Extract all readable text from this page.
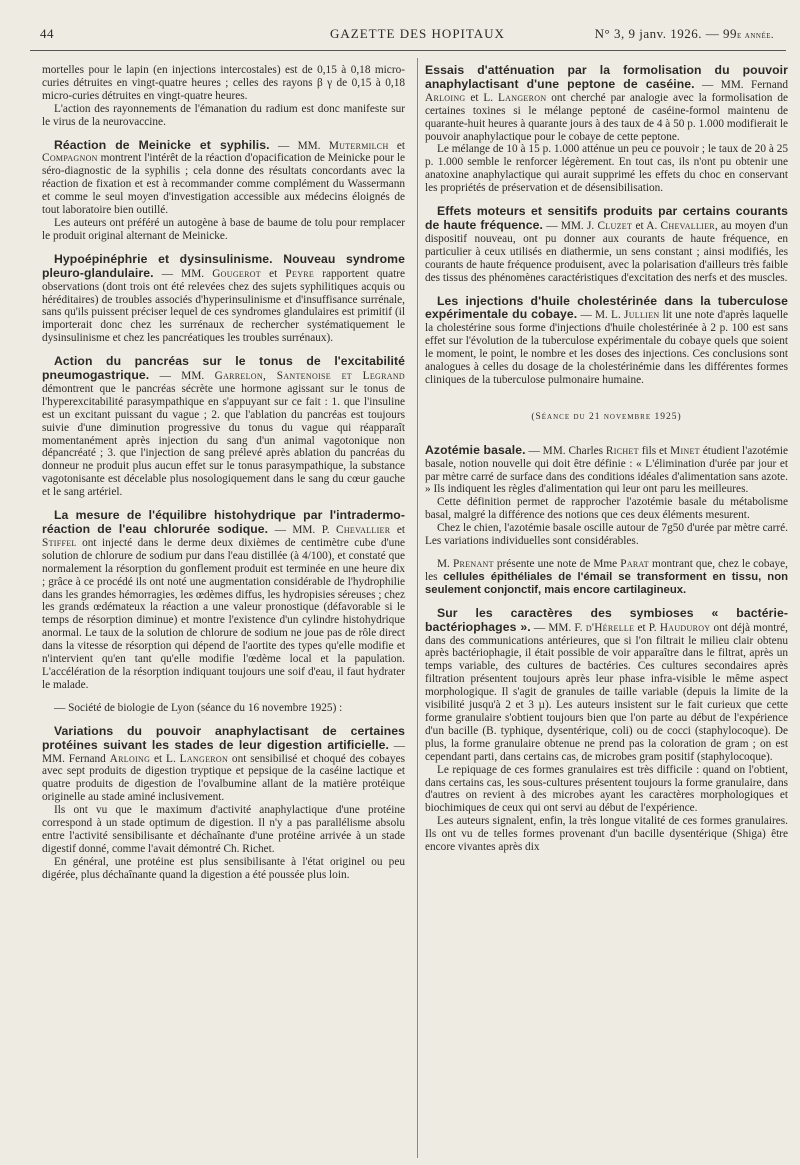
44	GAZETTE DES HOPITAUX	N° 3, 9 janv. 1926. — 99e année.

mortelles pour le lapin (en injections intercostales) est de 0,15 à 0,18 micro-curies détruites en vingt-quatre heures ; celles des rayons β γ de 0,15 à 0,18 micro-curies détruites en vingt-quatre heures.

L'action des rayonnements de l'émanation du radium est donc manifeste sur le virus de la neurovaccine.

Réaction de Meinicke et syphilis. — MM. Mutermilch et Compagnon montrent l'intérêt de la réaction d'opacification de Meinicke pour le séro-diagnostic de la syphilis ; cela donne des résultats concordants avec la réaction de fixation et est à recommander comme complément du Wassermann et comme le seul moyen d'investigation accessible aux médecins éloignés de tout laboratoire bien outillé.

Les auteurs ont préféré un autogène à base de baume de tolu pour remplacer le produit original alternant de Meinicke.

Hypoépinéphrie et dysinsulinisme. Nouveau syndrome pleuro-glandulaire. — MM. Gougerot et Peyre rapportent quatre observations (dont trois ont été relevées chez des sujets syphilitiques acquis ou héréditaires) de troubles associés d'hyperinsulinisme et d'insuffisance surrénale, sans qu'ils puissent préciser lequel de ces syndromes glandulaires est primitif (il importerait donc chez les surrénaux de rechercher systématiquement le dysinsulinisme et chez les pancréatiques les troubles surrénaux).

Action du pancréas sur le tonus de l'excitabilité pneumogastrique. — MM. Garrelon, Santenoise et Legrand démontrent que le pancréas sécrète une hormone agissant sur le tonus de l'hyperexcitabilité parasympathique en s'appuyant sur ce fait : 1. que l'insuline est un excitant puissant du vague ; 2. que l'ablation du pancréas est toujours suivie d'une diminution progressive du tonus du vague qui réapparaît momentanément après injection du sang d'un animal vagotonique non dépancréaté ; 3. que l'injection de sang prélevé après ablation du pancréas du donneur ne produit plus aucun effet sur le tonus parasympathique, la substance vagotonisante est décelable plus nosologiquement dans le sang du cœur gauche et le sang artériel.

La mesure de l'équilibre histohydrique par l'intradermo-réaction de l'eau chlorurée sodique. — MM. P. Chevallier et Stiffel ont injecté dans le derme deux dixièmes de centimètre cube d'une solution de chlorure de sodium pur dans l'eau distillée (à 4/100), et constaté que normalement la résorption du gonflement produit est terminée en une heure dix ; grâce à ce procédé ils ont noté une augmentation considérable de l'hydrophilie dans les grandes hémorragies, les œdèmes diffus, les hydropisies séreuses ; chez les grands œdémateux la réaction a une valeur pronostique (défavorable si le temps de résorption diminue) et montre l'existence d'un cylindre histohydrique anormal. Le taux de la solution de chlorure de sodium ne joue pas de rôle direct dans la vitesse de résorption qui dépend de l'aortite des types qu'elle modifie et n'intervient qu'en tant qu'elle modifie l'œdème local et la papulation. L'accélération de la résorption indiquant toujours une soif d'eau, il faut hydrater le malade.

— Société de biologie de Lyon (séance du 16 novembre 1925) :

Variations du pouvoir anaphylactisant de certaines protéines suivant les stades de leur digestion artificielle. — MM. Fernand Arloing et L. Langeron ont sensibilisé et choqué des cobayes avec sept produits de digestion tryptique et pepsique de la caséine lactique et quatre produits de digestion de l'ovalbumine allant de la matière protéique originelle au stade aminé inclusivement.

Ils ont vu que le maximum d'activité anaphylactique d'une protéine correspond à un stade optimum de digestion. Il n'y a pas parallélisme absolu entre l'activité sensibilisante et déchaînante d'une protéine arrivée à un stade digestif donné, comme l'avait démontré Ch. Richet.

En général, une protéine est plus sensibilisante à l'état originel ou peu digérée, plus déchaînante quand la digestion a été poussée plus loin.

Essais d'atténuation par la formolisation du pouvoir anaphylactisant d'une peptone de caséine. — MM. Fernand Arloing et L. Langeron ont cherché par analogie avec la formolisation de certaines toxines si le mélange peptoné de caséine-formol maintenu de quarante-huit heures à quarante jours à des taux de 4 à 50 p. 1.000 modifierait le pouvoir anaphylactique pour le cobaye de cette peptone.

Le mélange de 10 à 15 p. 1.000 atténue un peu ce pouvoir ; le taux de 20 à 25 p. 1.000 semble le renforcer légèrement. En tout cas, ils n'ont pu obtenir une anatoxine anaphylactique qui aurait supprimé les effets du choc en conservant les propriétés de préservation et de désensibilisation.

Effets moteurs et sensitifs produits par certains courants de haute fréquence. — MM. J. Cluzet et A. Chevallier, au moyen d'un dispositif nouveau, ont pu donner aux courants de haute fréquence, en particulier à ceux utilisés en diathermie, un sens constant ; ainsi modifiés, les courants de haute fréquence produisent, avec la polarisation d'ailleurs très faible des tissus des phénomènes caractéristiques d'excitation des nerfs et des muscles.

Les injections d'huile cholestérinée dans la tuberculose expérimentale du cobaye. — M. L. Jullien lit une note d'après laquelle la cholestérine sous forme d'injections d'huile cholestérinée à 2 p. 100 est sans effet sur l'évolution de la tuberculose expérimentale du cobaye quels que soient le moment, le point, le nombre et les doses des injections. Ces conclusions sont analogues à celles du dosage de la cholestérinémie dans les différentes formes cliniques de la tuberculose pulmonaire humaine.

(Séance du 21 novembre 1925)

Azotémie basale. — MM. Charles Richet fils et Minet étudient l'azotémie basale, notion nouvelle qui doit être définie : « L'élimination d'urée par jour et par mètre carré de surface dans des conditions idéales d'alimentation sans azote. » Ils indiquent les règles d'alimentation qui leur ont paru les meilleures.

Cette définition permet de rapprocher l'azotémie basale du métabolisme basal, malgré la différence des notions que ces deux éléments mesurent.

Chez le chien, l'azotémie basale oscille autour de 7g50 d'urée par mètre carré. Les variations individuelles sont considérables.

M. Prenant présente une note de Mme Parat montrant que, chez le cobaye, les cellules épithéliales de l'émail se transforment en tissu, non seulement conjonctif, mais encore cartilagineux.

Sur les caractères des symbioses « bactérie-bactériophages ». — MM. F. d'Hérelle et P. Hauduroy ont déjà montré, dans des communications antérieures, que si l'on filtrait le milieu clair obtenu après bactériophagie, il était possible de voir apparaître dans le filtrat, après un temps variable, des cultures de bactéries. Ces cultures secondaires après filtration présentent toujours après leur phase infra-visible le même aspect morphologique. Il s'agit de granules de taille variable (depuis la limite de la visibilité jusqu'à 2 et 3 µ). Les auteurs insistent sur le fait curieux que cette forme granulaire s'obtient toujours bien que l'on parte au début de l'expérience d'un bacille (B. typhique, dysentérique, coli) ou de cocci (staphylocoque). De plus, la forme granulaire obtenue ne prend pas la coloration de gram ; on est cependant parti, dans certains cas, de microbes gram positif (staphylocoque).

Le repiquage de ces formes granulaires est très difficile : quand on l'obtient, dans certains cas, les sous-cultures présentent toujours la forme granulaire, dans d'autres on revient à des microbes ayant les caractères morphologiques et biochimiques de ceux qui ont servi au début de l'expérience.

Les auteurs signalent, enfin, la très longue vitalité de ces formes granulaires. Ils ont vu de telles formes provenant d'un bacille dysentérique (Shiga) être encore vivantes après dix
